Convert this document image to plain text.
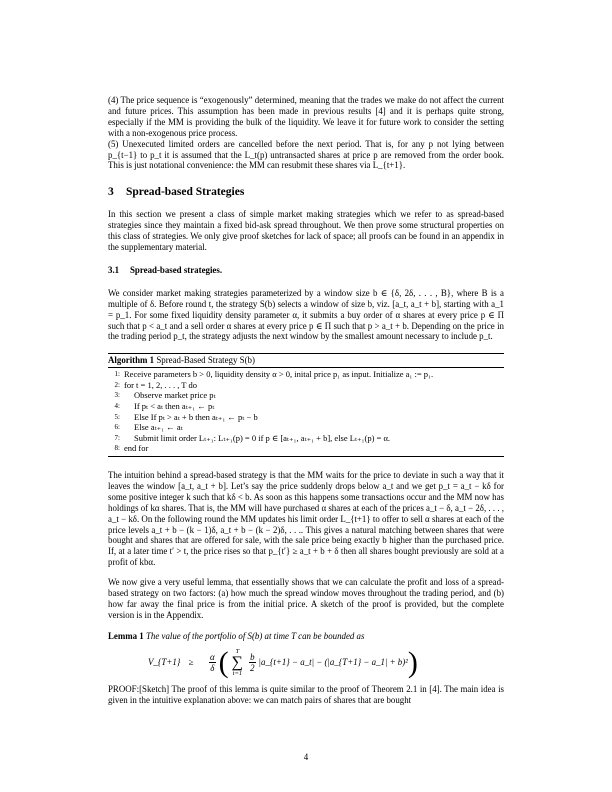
(4) The price sequence is “exogenously” determined, meaning that the trades we make do not affect the current and future prices. This assumption has been made in previous results [4] and it is perhaps quite strong, especially if the MM is providing the bulk of the liquidity. We leave it for future work to consider the setting with a non-exogenous price process.

(5) Unexecuted limited orders are cancelled before the next period. That is, for any p not lying between p_{t−1} to p_t it is assumed that the L_t(p) untransacted shares at price p are removed from the order book. This is just notational convenience: the MM can resubmit these shares via L_{t+1}.

3 Spread-based Strategies

In this section we present a class of simple market making strategies which we refer to as spread-based strategies since they maintain a fixed bid-ask spread throughout. We then prove some structural properties on this class of strategies. We only give proof sketches for lack of space; all proofs can be found in an appendix in the supplementary material.

3.1 Spread-based strategies.

We consider market making strategies parameterized by a window size b ∈ {δ, 2δ, . . . , B}, where B is a multiple of δ. Before round t, the strategy S(b) selects a window of size b, viz. [a_t, a_t + b], starting with a_1 = p_1. For some fixed liquidity density parameter α, it submits a buy order of α shares at every price p ∈ Π such that p < a_t and a sell order α shares at every price p ∈ Π such that p > a_t + b. Depending on the price in the trading period p_t, the strategy adjusts the next window by the smallest amount necessary to include p_t.

Algorithm 1 Spread-Based Strategy S(b)
1: Receive parameters b > 0, liquidity density α > 0, inital price p₁ as input. Initialize a₁ := p₁.
2: for t = 1, 2, . . . , T do
3:	Observe market price pₜ
4:	If pₜ < aₜ then aₜ₊₁ ← pₜ
5:	Else If pₜ > aₜ + b then aₜ₊₁ ← pₜ − b
6:	Else aₜ₊₁ ← aₜ
7:	Submit limit order Lₜ₊₁: Lₜ₊₁(p) = 0 if p ∈ [aₜ₊₁, aₜ₊₁ + b], else Lₜ₊₁(p) = α.
8: end for

The intuition behind a spread-based strategy is that the MM waits for the price to deviate in such a way that it leaves the window [a_t, a_t + b]. Let’s say the price suddenly drops below a_t and we get p_t = a_t − kδ for some positive integer k such that kδ < b. As soon as this happens some transactions occur and the MM now has holdings of kα shares. That is, the MM will have purchased α shares at each of the prices a_t − δ, a_t − 2δ, . . . , a_t − kδ. On the following round the MM updates his limit order L_{t+1} to offer to sell α shares at each of the price levels a_t + b − (k − 1)δ, a_t + b − (k − 2)δ, . . .. This gives a natural matching between shares that were bought and shares that are offered for sale, with the sale price being exactly b higher than the purchased price. If, at a later time t′ > t, the price rises so that p_{t′} ≥ a_t + b + δ then all shares bought previously are sold at a profit of kbα.

We now give a very useful lemma, that essentially shows that we can calculate the profit and loss of a spread-based strategy on two factors: (a) how much the spread window moves throughout the trading period, and (b) how far away the final price is from the initial price. A sketch of the proof is provided, but the complete version is in the Appendix.

Lemma 1 The value of the portfolio of S(b) at time T can be bounded as

V_{T+1} ≥	$\frac{\alpha}{\delta}$ ( T
∑
t=1
$\frac{b}{2}$ |a_{t+1} − a_t| − (|a_{T+1} − a_1| + b)² )

PROOF:[Sketch] The proof of this lemma is quite similar to the proof of Theorem 2.1 in [4]. The main idea is given in the intuitive explanation above: we can match pairs of shares that are bought

4
